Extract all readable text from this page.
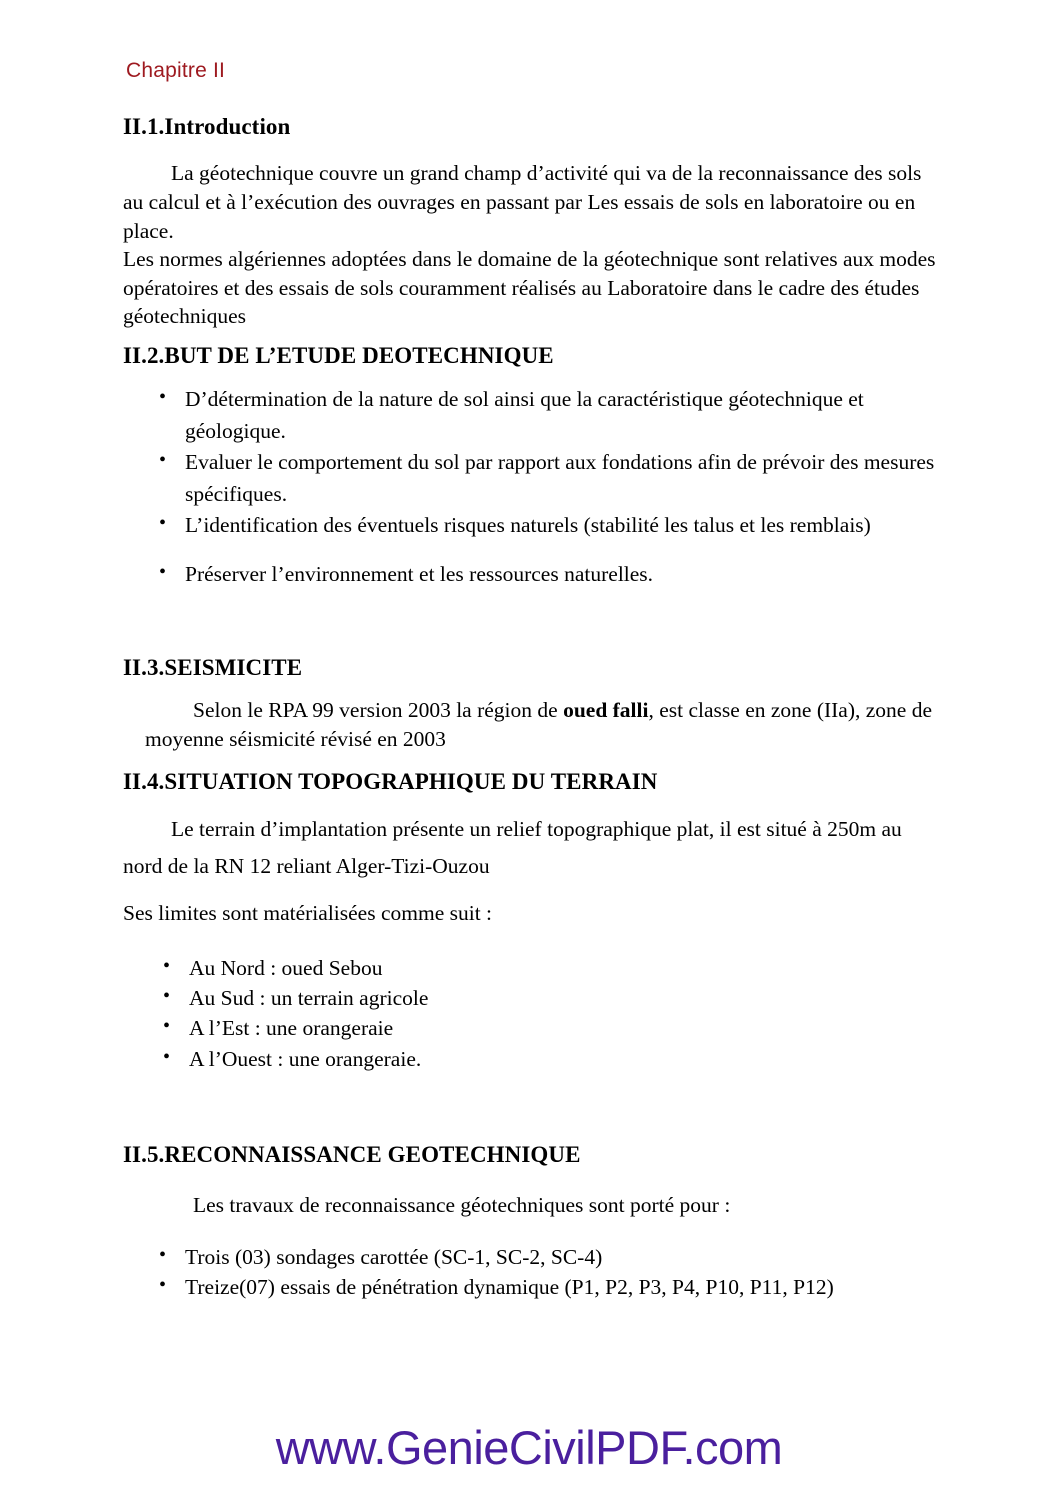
Chapitre II
II.1.Introduction

La géotechnique couvre un grand champ d’activité qui va de la reconnaissance des sols au calcul et à l’exécution des ouvrages en passant par Les essais de sols en laboratoire ou en place.

Les normes algériennes adoptées dans le domaine de la géotechnique sont relatives aux modes opératoires et des essais de sols couramment réalisés au Laboratoire dans le cadre des études géotechniques

II.2.BUT DE L’ETUDE DEOTECHNIQUE
• D’détermination de la nature de sol ainsi que la caractéristique géotechnique et géologique.
• Evaluer le comportement du sol par rapport aux fondations afin de prévoir des mesures spécifiques.
• L’identification des éventuels risques naturels (stabilité les talus et les remblais)
• Préserver l’environnement et les ressources naturelles.
II.3.SEISMICITE

Selon le RPA 99 version 2003 la région de oued falli, est classe en zone (IIa), zone de moyenne séismicité révisé en 2003

II.4.SITUATION TOPOGRAPHIQUE DU TERRAIN

Le terrain d’implantation présente un relief topographique plat, il est situé à 250m au nord de la RN 12 reliant Alger-Tizi-Ouzou

Ses limites sont matérialisées comme suit :

• Au Nord : oued Sebou
• Au Sud : un terrain agricole
• A l’Est : une orangeraie
• A l’Ouest : une orangeraie.
II.5.RECONNAISSANCE GEOTECHNIQUE

Les travaux de reconnaissance géotechniques sont porté pour :

• Trois (03) sondages carottée (SC-1, SC-2, SC-4)
• Treize(07) essais de pénétration dynamique (P1, P2, P3, P4, P10, P11, P12)
www.GenieCivilPDF.com
